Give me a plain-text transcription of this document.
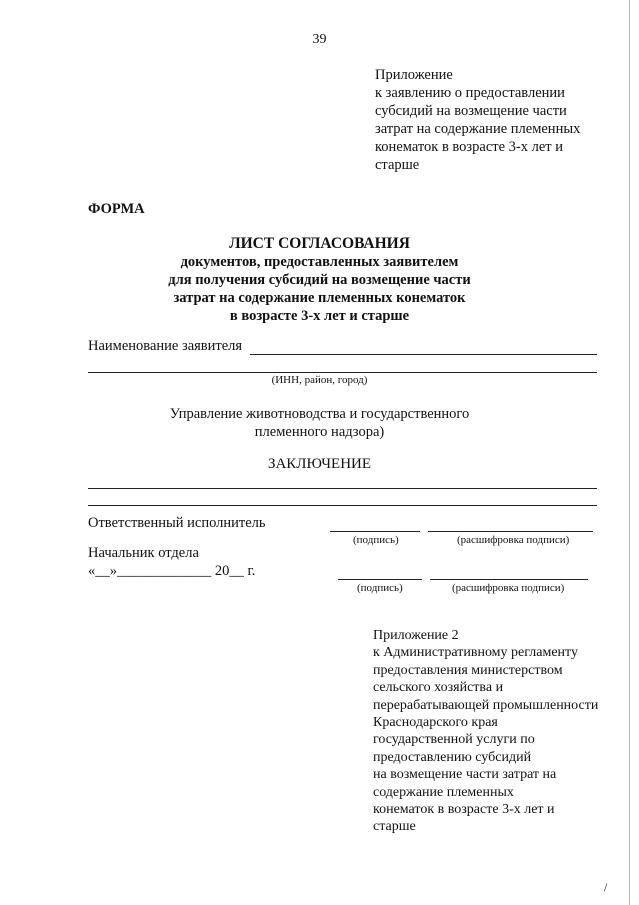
39
Приложение
к заявлению о предоставлении
субсидий на возмещение части
затрат на содержание племенных
конематок в возрасте 3-х лет и
старше
ФОРМА
ЛИСТ СОГЛАСОВАНИЯ
документов, предоставленных заявителем
для получения субсидий на возмещение части
затрат на содержание племенных конематок
в возрасте 3-х лет и старше
Наименование заявителя
(ИНН, район, город)
Управление животноводства и государственного
племенного надзора)
ЗАКЛЮЧЕНИЕ
Ответственный исполнитель
(подпись)	(расшифровка подписи)
Начальник отдела
«__»_____________ 20__ г.
(подпись)	(расшифровка подписи)
Приложение 2
к Административному регламенту
предоставления министерством
сельского хозяйства и
перерабатывающей промышленности
Краснодарского края
государственной услуги по
предоставлению субсидий
на возмещение части затрат на
содержание племенных
конематок в возрасте 3-х лет и
старше
/
